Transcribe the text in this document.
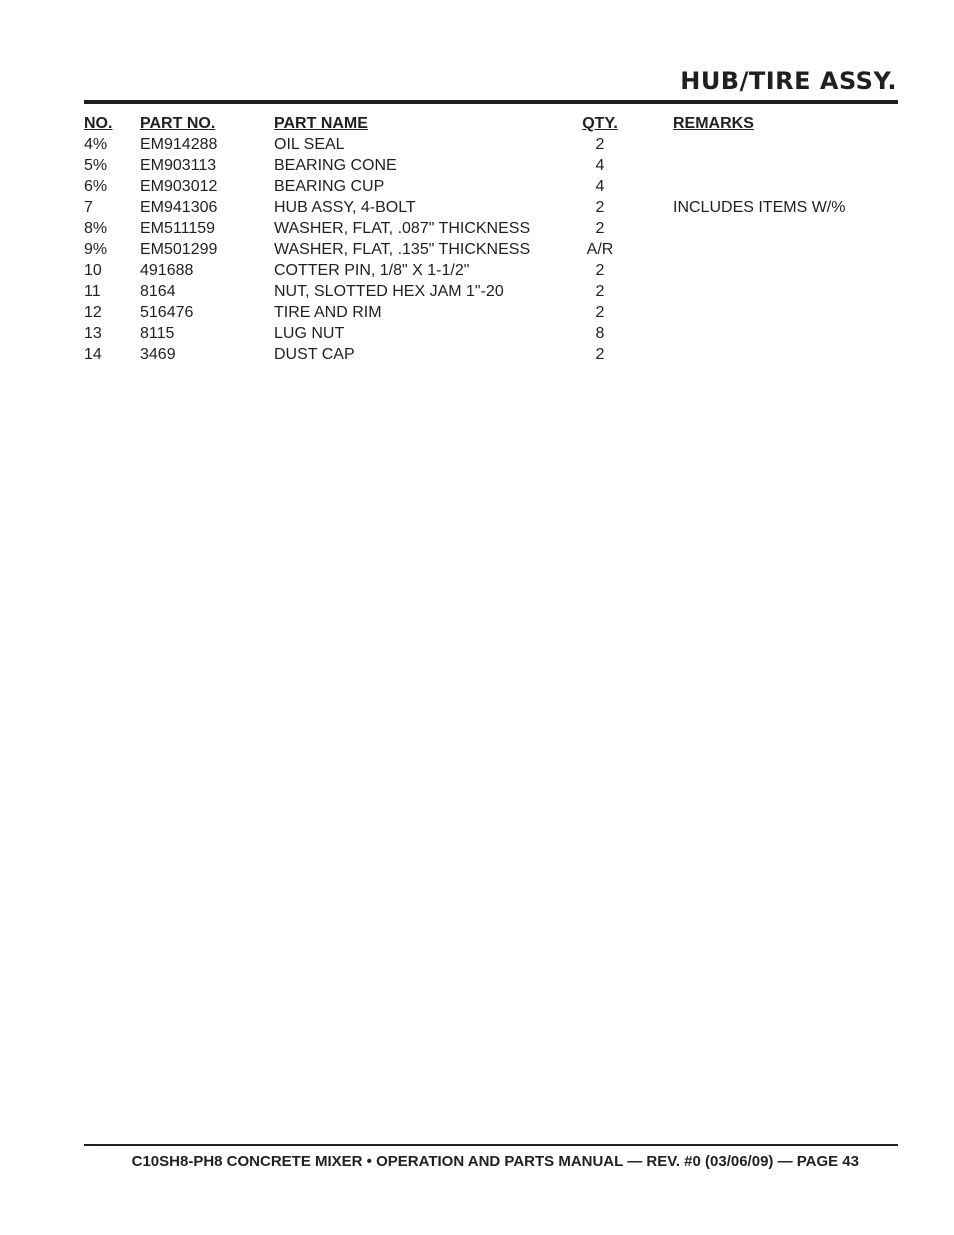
HUB/TIRE ASSY.
NO. PART NO.	PART NAME	QTY.	REMARKS
4% EM914288	OIL SEAL	2
5% EM903113	BEARING CONE	4
6% EM903012	BEARING CUP	4
7	EM941306	HUB ASSY, 4-BOLT	2	INCLUDES ITEMS W/%
8% EM511159	WASHER, FLAT, .087" THICKNESS	2
9% EM501299	WASHER, FLAT, .135" THICKNESS	A/R
10 491688	COTTER PIN, 1/8" X 1-1/2"	2
11 8164	NUT, SLOTTED HEX JAM 1"-20	2
12 516476	TIRE AND RIM	2
13 8115	LUG NUT	8
14 3469	DUST CAP	2
C10SH8-PH8 CONCRETE MIXER • OPERATION AND PARTS MANUAL — REV. #0 (03/06/09) — PAGE 43
